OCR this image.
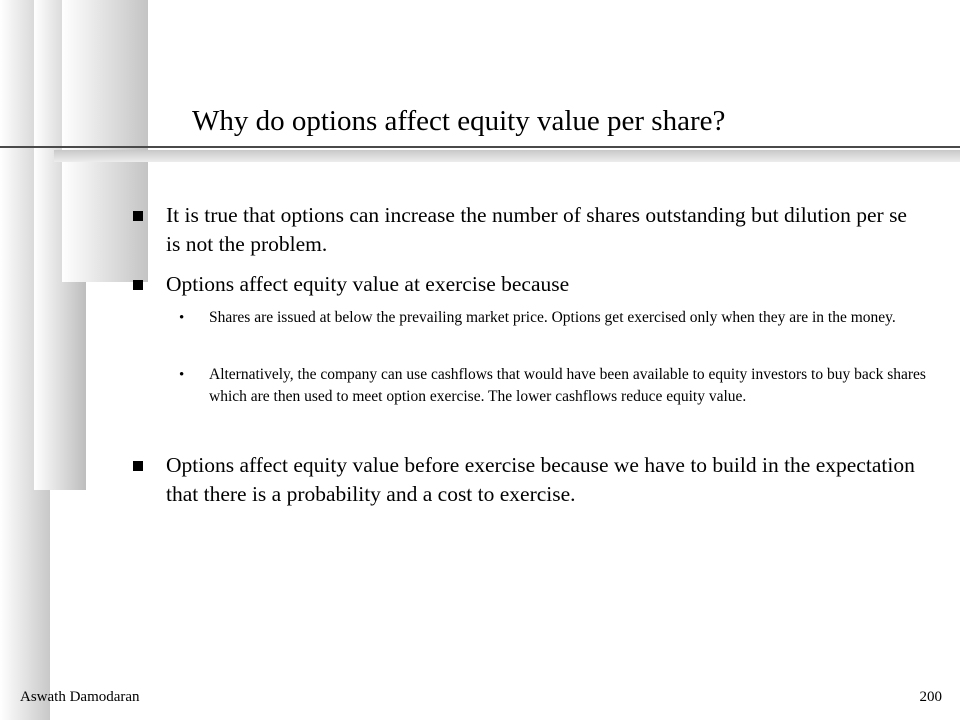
Why do options affect equity value per share?
It is true that options can increase the number of shares outstanding but dilution per se is not the problem.
Options affect equity value at exercise because
• Shares are issued at below the prevailing market price. Options get exercised only when they are in the money.
• Alternatively, the company can use cashflows that would have been available to equity investors to buy back shares which are then used to meet option exercise. The lower cashflows reduce equity value.
Options affect equity value before exercise because we have to build in the expectation that there is a probability and a cost to exercise.
Aswath Damodaran	200
